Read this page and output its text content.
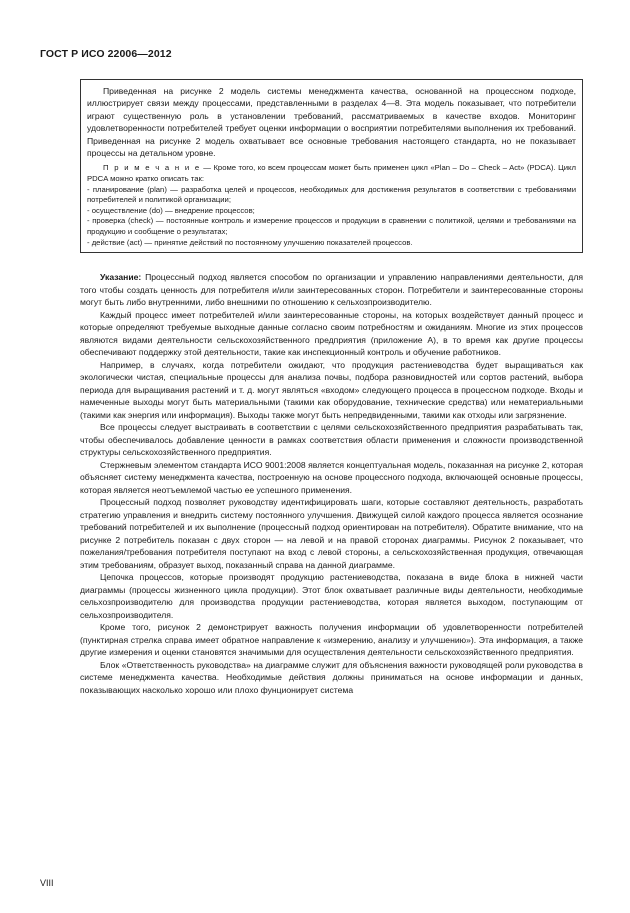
ГОСТ Р ИСО 22006—2012

Приведенная на рисунке 2 модель системы менеджмента качества, основанной на процессном подходе, иллюстрирует связи между процессами, представленными в разделах 4—8. Эта модель показывает, что потребители играют существенную роль в установлении требований, рассматриваемых в качестве входов. Мониторинг удовлетворенности потребителей требует оценки информации о восприятии потребителями выполнения их требований. Приведенная на рисунке 2 модель охватывает все основные требования настоящего стандарта, но не показывает процессы на детальном уровне.

П р и м е ч а н и е — Кроме того, ко всем процессам может быть применен цикл «Plan – Do – Check – Act» (PDCA). Цикл PDCA можно кратко описать так:

- планирование (plan) — разработка целей и процессов, необходимых для достижения результатов в соответствии с требованиями потребителей и политикой организации;

- осуществление (do) — внедрение процессов;

- проверка (check) — постоянные контроль и измерение процессов и продукции в сравнении с политикой, целями и требованиями на продукцию и сообщение о результатах;

- действие (act) — принятие действий по постоянному улучшению показателей процессов.

Указание: Процессный подход является способом по организации и управлению направлениями деятельности, для того чтобы создать ценность для потребителя и/или заинтересованных сторон. Потребители и заинтересованные стороны могут быть либо внутренними, либо внешними по отношению к сельхозпроизводителю.

Каждый процесс имеет потребителей и/или заинтересованные стороны, на которых воздействует данный процесс и которые определяют требуемые выходные данные согласно своим потребностям и ожиданиям. Многие из этих процессов являются видами деятельности сельскохозяйственного предприятия (приложение А), в то время как другие процессы обеспечивают поддержку этой деятельности, такие как инспекционный контроль и обучение работников.

Например, в случаях, когда потребители ожидают, что продукция растениеводства будет выращиваться как экологически чистая, специальные процессы для анализа почвы, подбора разновидностей или сортов растений, выбора периода для выращивания растений и т. д. могут являться «входом» следующего процесса в процессном подходе. Входы и намеченные выходы могут быть материальными (такими как оборудование, технические средства) или нематериальными (такими как энергия или информация). Выходы также могут быть непредвиденными, такими как отходы или загрязнение.

Все процессы следует выстраивать в соответствии с целями сельскохозяйственного предприятия разрабатывать так, чтобы обеспечивалось добавление ценности в рамках соответствия области применения и сложности производственной структуры сельскохозяйственного предприятия.

Стержневым элементом стандарта ИСО 9001:2008 является концептуальная модель, показанная на рисунке 2, которая объясняет систему менеджмента качества, построенную на основе процессного подхода, включающей основные процессы, которая является неотъемлемой частью ее успешного применения.

Процессный подход позволяет руководству идентифицировать шаги, которые составляют деятельность, разработать стратегию управления и внедрить систему постоянного улучшения. Движущей силой каждого процесса является осознание требований потребителей и их выполнение (процессный подход ориентирован на потребителя). Обратите внимание, что на рисунке 2 потребитель показан с двух сторон — на левой и на правой сторонах диаграммы. Рисунок 2 показывает, что пожелания/требования потребителя поступают на вход с левой стороны, а сельскохозяйственная продукция, отвечающая этим требованиям, образует выход, показанный справа на данной диаграмме.

Цепочка процессов, которые производят продукцию растениеводства, показана в виде блока в нижней части диаграммы (процессы жизненного цикла продукции). Этот блок охватывает различные виды деятельности, необходимые сельхозпроизводителю для производства продукции растениеводства, которая является выходом, поступающим от сельхозпроизводителя.

Кроме того, рисунок 2 демонстрирует важность получения информации об удовлетворенности потребителей (пунктирная стрелка справа имеет обратное направление к «измерению, анализу и улучшению»). Эта информация, а также другие измерения и оценки становятся значимыми для осуществления деятельности сельскохозяйственного предприятия.

Блок «Ответственность руководства» на диаграмме служит для объяснения важности руководящей роли руководства в системе менеджмента качества. Необходимые действия должны приниматься на основе информации и данных, показывающих насколько хорошо или плохо фунционирует система

VIII
